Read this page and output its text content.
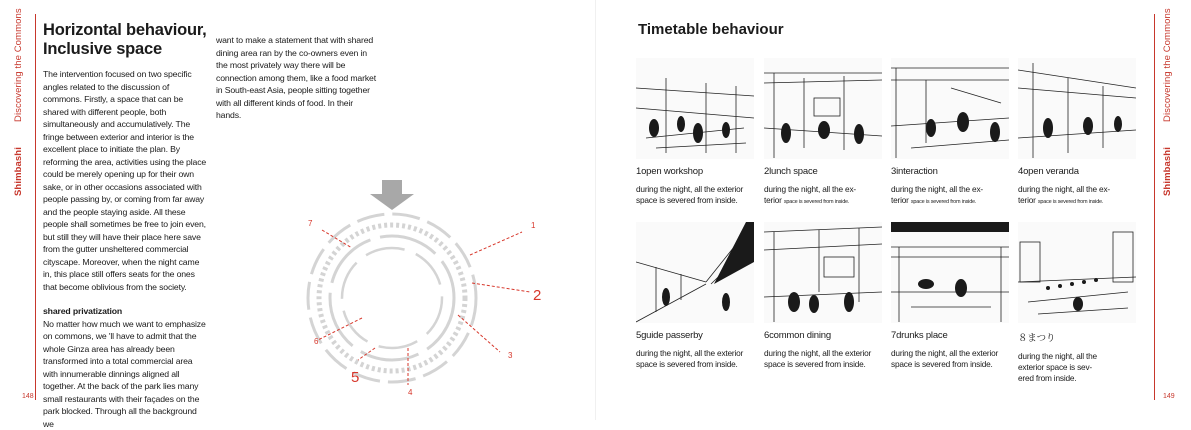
Discovering the Commons
Shimbashi
148
Horizontal behaviour,
Inclusive space

The intervention focused on two specific angles related to the discussion of commons. Firstly, a space that can be shared with different people, both simultaneously and accumulatively. The fringe between exterior and interior is the excellent place to initiate the plan. By reforming the area, activities using the place could be merely opening up for their own sake, or in other occasions associated with people passing by, or coming from far away and the people staying aside. All these people shall sometimes be free to join even, but still they will have their place here save from the gutter unsheltered commercial cityscape. Moreover, when the night came in, this place still offers seats for the ones that become oblivious from the society.

shared privatization

No matter how much we want to emphasize on commons, we 'll have to admit that the whole Ginza area has already been transformed into a total commercial area with innumerable dinnings aligned all together. At the back of the park lies many small restaurants with their façades on the park blocked. Through all the background we

want to make a statement that with shared dining area ran by the co-owners even in the most privately way there will be connection among them, like a food market in South-east Asia, people sitting together with all different kinds of food. In their hands.

1
2
3
4
5
6
7
Discovering the Commons
Shimbashi
149
Timetable behaviour
1open workshop
during the night, all the exterior
space is severed from inside.
2lunch space
during the night, all the ex-
terior space is severed from inside.
3interaction
during the night, all the ex-
terior space is severed from inside.
4open veranda
during the night, all the ex-
terior space is severed from inside.
5guide passerby
during the night, all the exterior
space is severed from inside.
6common dining
during the night, all the exterior
space is severed from inside.
7drunks place
during the night, all the exterior
space is severed from inside.
８まつり
during the night, all the
exterior space is sev-
ered from inside.
